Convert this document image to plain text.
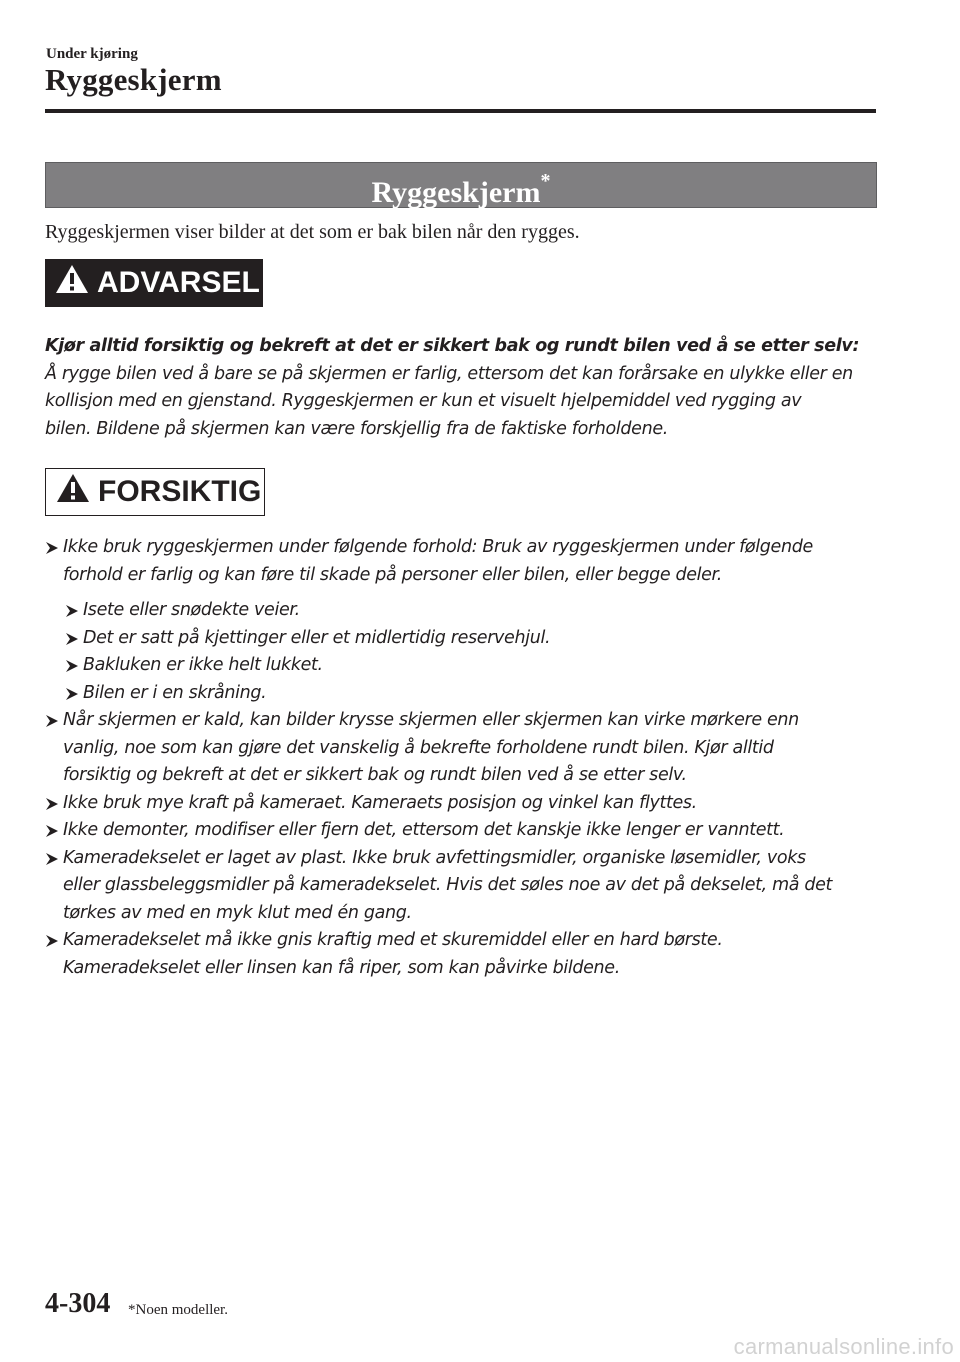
Under kjøring
Ryggeskjerm
Ryggeskjerm*
Ryggeskjermen viser bilder at det som er bak bilen når den rygges.
ADVARSEL
Kjør alltid forsiktig og bekreft at det er sikkert bak og rundt bilen ved å se etter selv:
Å rygge bilen ved å bare se på skjermen er farlig, ettersom det kan forårsake en ulykke eller en
kollisjon med en gjenstand. Ryggeskjermen er kun et visuelt hjelpemiddel ved rygging av
bilen. Bildene på skjermen kan være forskjellig fra de faktiske forholdene.
FORSIKTIG
Ikke bruk ryggeskjermen under følgende forhold: Bruk av ryggeskjermen under følgende
forhold er farlig og kan føre til skade på personer eller bilen, eller begge deler.
Isete eller snødekte veier.
Det er satt på kjettinger eller et midlertidig reservehjul.
Bakluken er ikke helt lukket.
Bilen er i en skråning.
Når skjermen er kald, kan bilder krysse skjermen eller skjermen kan virke mørkere enn
vanlig, noe som kan gjøre det vanskelig å bekrefte forholdene rundt bilen. Kjør alltid
forsiktig og bekreft at det er sikkert bak og rundt bilen ved å se etter selv.
Ikke bruk mye kraft på kameraet. Kameraets posisjon og vinkel kan flyttes.
Ikke demonter, modifiser eller fjern det, ettersom det kanskje ikke lenger er vanntett.
Kameradekselet er laget av plast. Ikke bruk avfettingsmidler, organiske løsemidler, voks
eller glassbeleggsmidler på kameradekselet. Hvis det søles noe av det på dekselet, må det
tørkes av med en myk klut med én gang.
Kameradekselet må ikke gnis kraftig med et skuremiddel eller en hard børste.
Kameradekselet eller linsen kan få riper, som kan påvirke bildene.
4-304 *Noen modeller.
carmanualsonline.info
